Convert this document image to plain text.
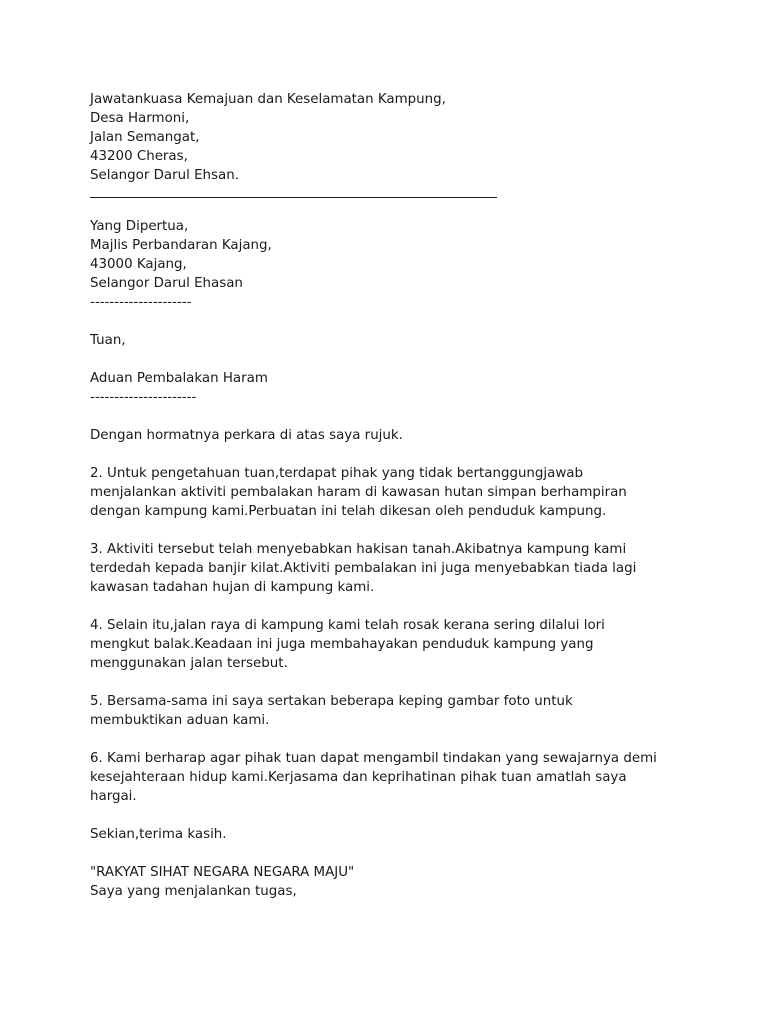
Jawatankuasa Kemajuan dan Keselamatan Kampung,
Desa Harmoni,
Jalan Semangat,
43200 Cheras,
Selangor Darul Ehsan.
Yang Dipertua,
Majlis Perbandaran Kajang,
43000 Kajang,
Selangor Darul Ehasan
---------------------
Tuan,
Aduan Pembalakan Haram
----------------------
Dengan hormatnya perkara di atas saya rujuk.
2. Untuk pengetahuan tuan,terdapat pihak yang tidak bertanggungjawab
menjalankan aktiviti pembalakan haram di kawasan hutan simpan berhampiran
dengan kampung kami.Perbuatan ini telah dikesan oleh penduduk kampung.
3. Aktiviti tersebut telah menyebabkan hakisan tanah.Akibatnya kampung kami
terdedah kepada banjir kilat.Aktiviti pembalakan ini juga menyebabkan tiada lagi
kawasan tadahan hujan di kampung kami.
4. Selain itu,jalan raya di kampung kami telah rosak kerana sering dilalui lori
mengkut balak.Keadaan ini juga membahayakan penduduk kampung yang
menggunakan jalan tersebut.
5. Bersama-sama ini saya sertakan beberapa keping gambar foto untuk
membuktikan aduan kami.
6. Kami berharap agar pihak tuan dapat mengambil tindakan yang sewajarnya demi
kesejahteraan hidup kami.Kerjasama dan keprihatinan pihak tuan amatlah saya
hargai.
Sekian,terima kasih.
"RAKYAT SIHAT NEGARA NEGARA MAJU"
Saya yang menjalankan tugas,
